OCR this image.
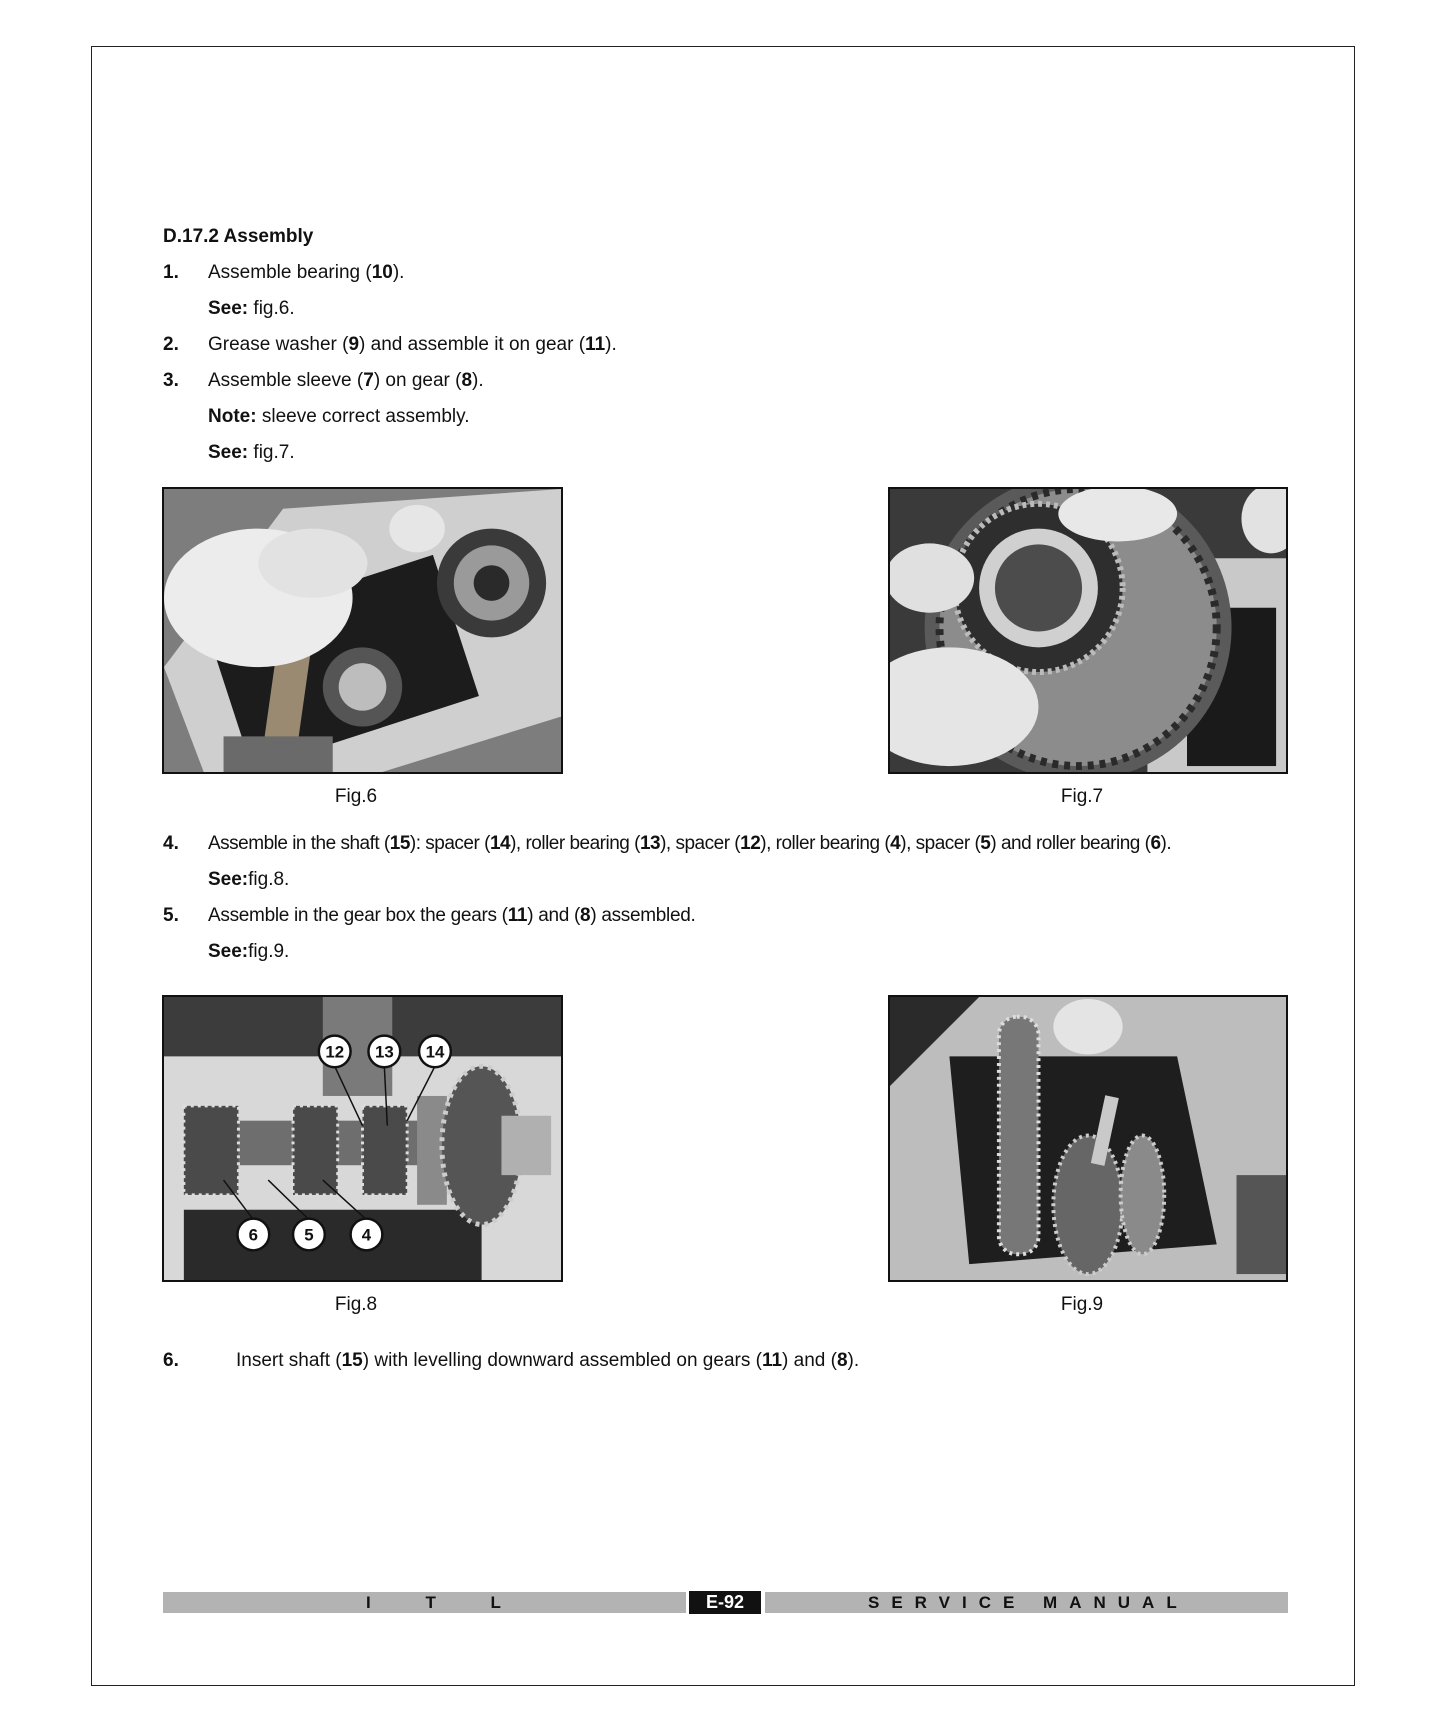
D.17.2 Assembly
1. Assemble bearing (10).
See: fig.6.
2. Grease washer (9) and assemble it on gear (11).
3. Assemble sleeve (7) on gear (8).
Note: sleeve correct assembly.
See: fig.7.
Fig.6	Fig.7
4. Assemble in the shaft (15): spacer (14), roller bearing (13), spacer (12), roller bearing (4), spacer (5) and roller bearing (6).
See:fig.8.
5. Assemble in the gear box the gears (11) and (8) assembled.
See:fig.9.
12 13 14
6	5	4
Fig.8	Fig.9
6.	Insert shaft (15) with levelling downward assembled on gears (11) and (8).
I T L	E-92	SERVICE MANUAL
